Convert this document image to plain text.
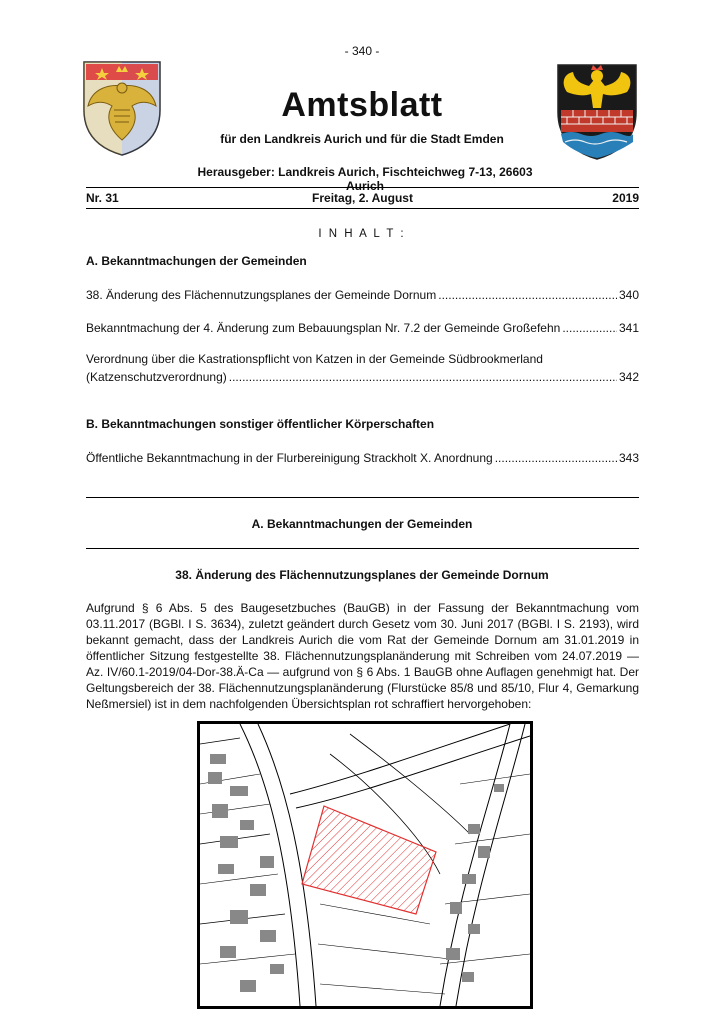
- 340 -
Amtsblatt
für den Landkreis Aurich und für die Stadt Emden
Herausgeber: Landkreis Aurich, Fischteichweg 7-13, 26603 Aurich
Freitag, 2. August
Nr. 31	2019
I N H A L T :
A. Bekanntmachungen der Gemeinden
38. Änderung des Flächennutzungsplanes der Gemeinde Dornum .....	340
Bekanntmachung der 4. Änderung zum Bebauungsplan Nr. 7.2 der Gemeinde Großefehn .....	341
Verordnung über die Kastrationspflicht von Katzen in der Gemeinde Südbrookmerland
(Katzenschutzverordnung) .....	342
B. Bekanntmachungen sonstiger öffentlicher Körperschaften
Öffentliche Bekanntmachung in der Flurbereinigung Strackholt X. Anordnung .....	343
A. Bekanntmachungen der Gemeinden
38. Änderung des Flächennutzungsplanes der Gemeinde Dornum
Aufgrund § 6 Abs. 5 des Baugesetzbuches (BauGB) in der Fassung der Bekanntmachung vom 03.11.2017 (BGBl. I S. 3634), zuletzt geändert durch Gesetz vom 30. Juni 2017 (BGBl. I S. 2193), wird bekannt gemacht, dass der Landkreis Aurich die vom Rat der Gemeinde Dornum am 31.01.2019 in öffentlicher Sitzung festgestellte 38. Flächennutzungsplanänderung mit Schreiben vom 24.07.2019 — Az. IV/60.1-2019/04-Dor-38.Ä-Ca — aufgrund von § 6 Abs. 1 BauGB ohne Auflagen genehmigt hat. Der Geltungsbereich der 38. Flächennutzungsplanänderung (Flurstücke 85/8 und 85/10, Flur 4, Gemarkung Neßmersiel) ist in dem nachfolgenden Übersichtsplan rot schraffiert hervorgehoben:
